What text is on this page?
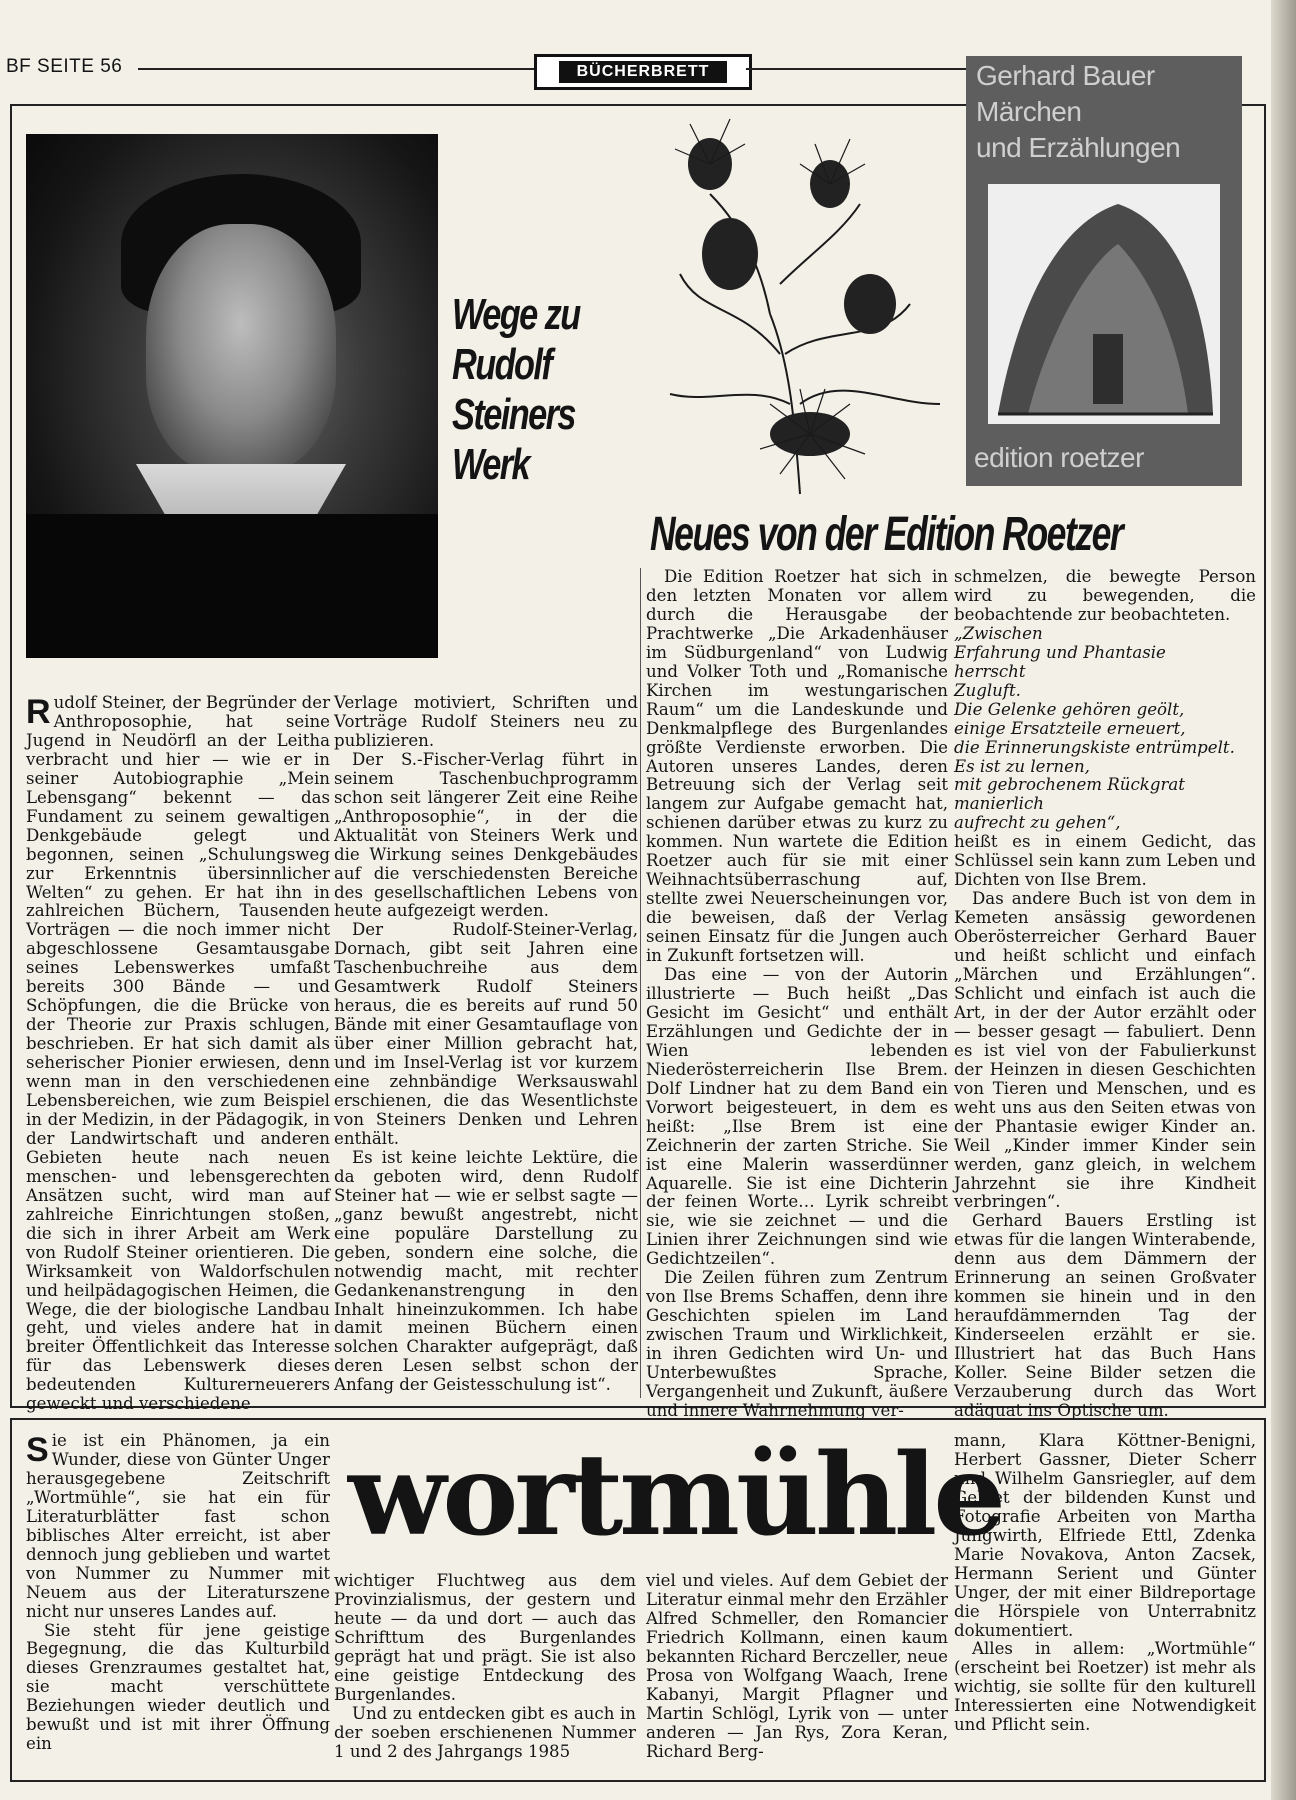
BF SEITE 56	BÜCHERBRETT
Wege zu
Rudolf
Steiners
Werk
Gerhard Bauer
Märchen
und Erzählungen
edition roetzer
Neues von der Edition Roetzer

Rudolf Steiner, der Begründer der Anthroposophie, hat seine Jugend in Neudörfl an der Leitha verbracht und hier — wie er in seiner Autobiographie „Mein Lebensgang“ bekennt — das Fundament zu seinem gewaltigen Denkgebäude gelegt und begonnen, seinen „Schulungsweg zur Erkenntnis übersinnlicher Welten“ zu gehen. Er hat ihn in zahlreichen Büchern, Tausenden Vorträgen — die noch immer nicht abgeschlossene Gesamtausgabe seines Lebenswerkes umfaßt bereits 300 Bände — und Schöpfungen, die die Brücke von der Theorie zur Praxis schlugen, beschrieben. Er hat sich damit als seherischer Pionier erwiesen, denn wenn man in den verschiedenen Lebensbereichen, wie zum Beispiel in der Medizin, in der Pädagogik, in der Landwirtschaft und anderen Gebieten heute nach neuen menschen- und lebensgerechten Ansätzen sucht, wird man auf zahlreiche Einrichtungen stoßen, die sich in ihrer Arbeit am Werk von Rudolf Steiner orientieren. Die Wirksamkeit von Waldorfschulen und heilpädagogischen Heimen, die Wege, die der biologische Landbau geht, und vieles andere hat in breiter Öffentlichkeit das Interesse für das Lebenswerk dieses bedeutenden Kulturerneuerers geweckt und verschiedene

Verlage motiviert, Schriften und Vorträge Rudolf Steiners neu zu publizieren.

Der S.-Fischer-Verlag führt in seinem Taschenbuchprogramm schon seit längerer Zeit eine Reihe „Anthroposophie“, in der die Aktualität von Steiners Werk und die Wirkung seines Denkgebäudes auf die verschiedensten Bereiche des gesellschaftlichen Lebens von heute aufgezeigt werden.

Der Rudolf-Steiner-Verlag, Dornach, gibt seit Jahren eine Taschenbuchreihe aus dem Gesamtwerk Rudolf Steiners heraus, die es bereits auf rund 50 Bände mit einer Gesamtauflage von über einer Million gebracht hat, und im Insel-Verlag ist vor kurzem eine zehnbändige Werksauswahl erschienen, die das Wesentlichste von Steiners Denken und Lehren enthält.

Es ist keine leichte Lektüre, die da geboten wird, denn Rudolf Steiner hat — wie er selbst sagte — „ganz bewußt angestrebt, nicht eine populäre Darstellung zu geben, sondern eine solche, die notwendig macht, mit rechter Gedankenanstrengung in den Inhalt hineinzukommen. Ich habe damit meinen Büchern einen solchen Charakter aufgeprägt, daß deren Lesen selbst schon der Anfang der Geistesschulung ist“.

Die Edition Roetzer hat sich in den letzten Monaten vor allem durch die Herausgabe der Prachtwerke „Die Arkadenhäuser im Südburgenland“ von Ludwig und Volker Toth und „Romanische Kirchen im westungarischen Raum“ um die Landeskunde und Denkmalpflege des Burgenlandes größte Verdienste erworben. Die Autoren unseres Landes, deren Betreuung sich der Verlag seit langem zur Aufgabe gemacht hat, schienen darüber etwas zu kurz zu kommen. Nun wartete die Edition Roetzer auch für sie mit einer Weihnachtsüberraschung auf, stellte zwei Neuerscheinungen vor, die beweisen, daß der Verlag seinen Einsatz für die Jungen auch in Zukunft fortsetzen will.

Das eine — von der Autorin illustrierte — Buch heißt „Das Gesicht im Gesicht“ und enthält Erzählungen und Gedichte der in Wien lebenden Niederösterreicherin Ilse Brem. Dolf Lindner hat zu dem Band ein Vorwort beigesteuert, in dem es heißt: „Ilse Brem ist eine Zeichnerin der zarten Striche. Sie ist eine Malerin wasserdünner Aquarelle. Sie ist eine Dichterin der feinen Worte… Lyrik schreibt sie, wie sie zeichnet — und die Linien ihrer Zeichnungen sind wie Gedichtzeilen“.

Die Zeilen führen zum Zentrum von Ilse Brems Schaffen, denn ihre Geschichten spielen im Land zwischen Traum und Wirklichkeit, in ihren Gedichten wird Un- und Unterbewußtes Sprache, Vergangenheit und Zukunft, äußere und innere Wahrnehmung ver-

schmelzen, die bewegte Person wird zu bewegenden, die beobachtende zur beobachteten.

„Zwischen
Erfahrung und Phantasie
herrscht
Zugluft.
Die Gelenke gehören geölt,
einige Ersatzteile erneuert,
die Erinnerungskiste entrümpelt.
Es ist zu lernen,
mit gebrochenem Rückgrat
manierlich
aufrecht zu gehen“,

heißt es in einem Gedicht, das Schlüssel sein kann zum Leben und Dichten von Ilse Brem.

Das andere Buch ist von dem in Kemeten ansässig gewordenen Oberösterreicher Gerhard Bauer und heißt schlicht und einfach „Märchen und Erzählungen“. Schlicht und einfach ist auch die Art, in der der Autor erzählt oder — besser gesagt — fabuliert. Denn es ist viel von der Fabulierkunst der Heinzen in diesen Geschichten von Tieren und Menschen, und es weht uns aus den Seiten etwas von der Phantasie ewiger Kinder an. Weil „Kinder immer Kinder sein werden, ganz gleich, in welchem Jahrzehnt sie ihre Kindheit verbringen“.

Gerhard Bauers Erstling ist etwas für die langen Winterabende, denn aus dem Dämmern der Erinnerung an seinen Großvater kommen sie hinein und in den heraufdämmernden Tag der Kinderseelen erzählt er sie. Illustriert hat das Buch Hans Koller. Seine Bilder setzen die Verzauberung durch das Wort adäquat ins Optische um.

wortmühle

Sie ist ein Phänomen, ja ein Wunder, diese von Günter Unger herausgegebene Zeitschrift „Wortmühle“, sie hat ein für Literaturblätter fast schon biblisches Alter erreicht, ist aber dennoch jung geblieben und wartet von Nummer zu Nummer mit Neuem aus der Literaturszene nicht nur unseres Landes auf.

Sie steht für jene geistige Begegnung, die das Kulturbild dieses Grenzraumes gestaltet hat, sie macht verschüttete Beziehungen wieder deutlich und bewußt und ist mit ihrer Öffnung ein

wichtiger Fluchtweg aus dem Provinzialismus, der gestern und heute — da und dort — auch das Schrifttum des Burgenlandes geprägt hat und prägt. Sie ist also eine geistige Entdeckung des Burgenlandes.

Und zu entdecken gibt es auch in der soeben erschienenen Nummer 1 und 2 des Jahrgangs 1985

viel und vieles. Auf dem Gebiet der Literatur einmal mehr den Erzähler Alfred Schmeller, den Romancier Friedrich Kollmann, einen kaum bekannten Richard Berczeller, neue Prosa von Wolfgang Waach, Irene Kabanyi, Margit Pflagner und Martin Schlögl, Lyrik von — unter anderen — Jan Rys, Zora Keran, Richard Berg-

mann, Klara Köttner-Benigni, Herbert Gassner, Dieter Scherr und Wilhelm Gansriegler, auf dem Gebiet der bildenden Kunst und Fotografie Arbeiten von Martha Jungwirth, Elfriede Ettl, Zdenka Marie Novakova, Anton Zacsek, Hermann Serient und Günter Unger, der mit einer Bildreportage die Hörspiele von Unterrabnitz dokumentiert.

Alles in allem: „Wortmühle“ (erscheint bei Roetzer) ist mehr als wichtig, sie sollte für den kulturell Interessierten eine Notwendigkeit und Pflicht sein.
